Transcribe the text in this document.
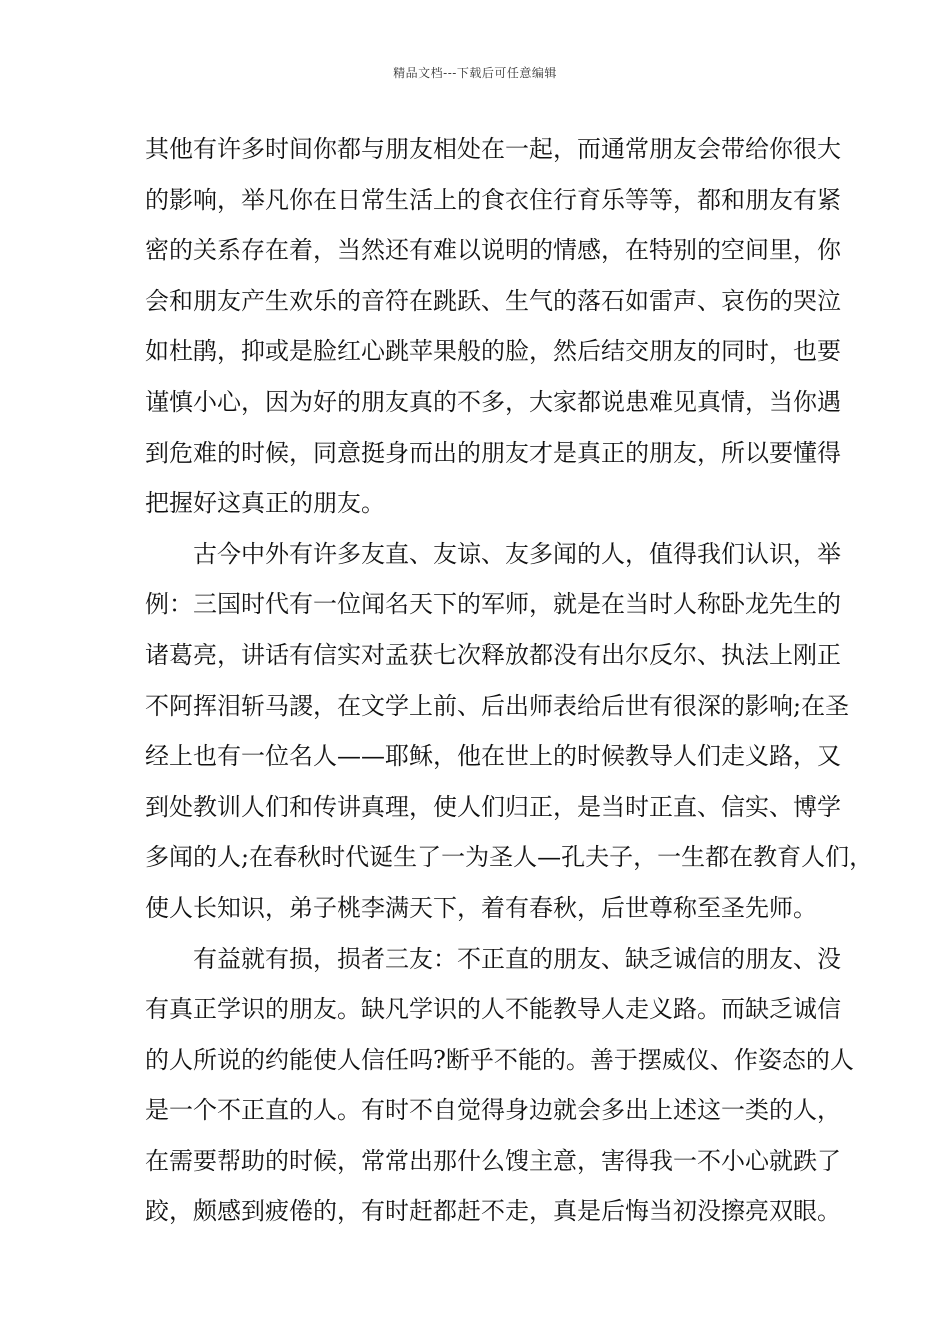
精品文档---下载后可任意编辑
其他有许多时间你都与朋友相处在一起，而通常朋友会带给你很大
的影响，举凡你在日常生活上的食衣住行育乐等等，都和朋友有紧
密的关系存在着，当然还有难以说明的情感，在特别的空间里，你
会和朋友产生欢乐的音符在跳跃、生气的落石如雷声、哀伤的哭泣
如杜鹃，抑或是脸红心跳苹果般的脸，然后结交朋友的同时，也要
谨慎小心，因为好的朋友真的不多，大家都说患难见真情，当你遇
到危难的时候，同意挺身而出的朋友才是真正的朋友，所以要懂得
把握好这真正的朋友。
古今中外有许多友直、友谅、友多闻的人，值得我们认识，举
例：三国时代有一位闻名天下的军师，就是在当时人称卧龙先生的
诸葛亮，讲话有信实对孟获七次释放都没有出尔反尔、执法上刚正
不阿挥泪斩马謖，在文学上前、后出师表给后世有很深的影响;在圣
经上也有一位名人——耶稣，他在世上的时候教导人们走义路，又
到处教训人们和传讲真理，使人们归正，是当时正直、信实、博学
多闻的人;在春秋时代诞生了一为圣人—孔夫子，一生都在教育人们，
使人长知识，弟子桃李满天下，着有春秋，后世尊称至圣先师。
有益就有损，损者三友：不正直的朋友、缺乏诚信的朋友、没
有真正学识的朋友。缺凡学识的人不能教导人走义路。而缺乏诚信
的人所说的约能使人信任吗?断乎不能的。善于摆威仪、作姿态的人
是一个不正直的人。有时不自觉得身边就会多出上述这一类的人，
在需要帮助的时候，常常出那什么馊主意，害得我一不小心就跌了
跤，颇感到疲倦的，有时赶都赶不走，真是后悔当初没擦亮双眼。
